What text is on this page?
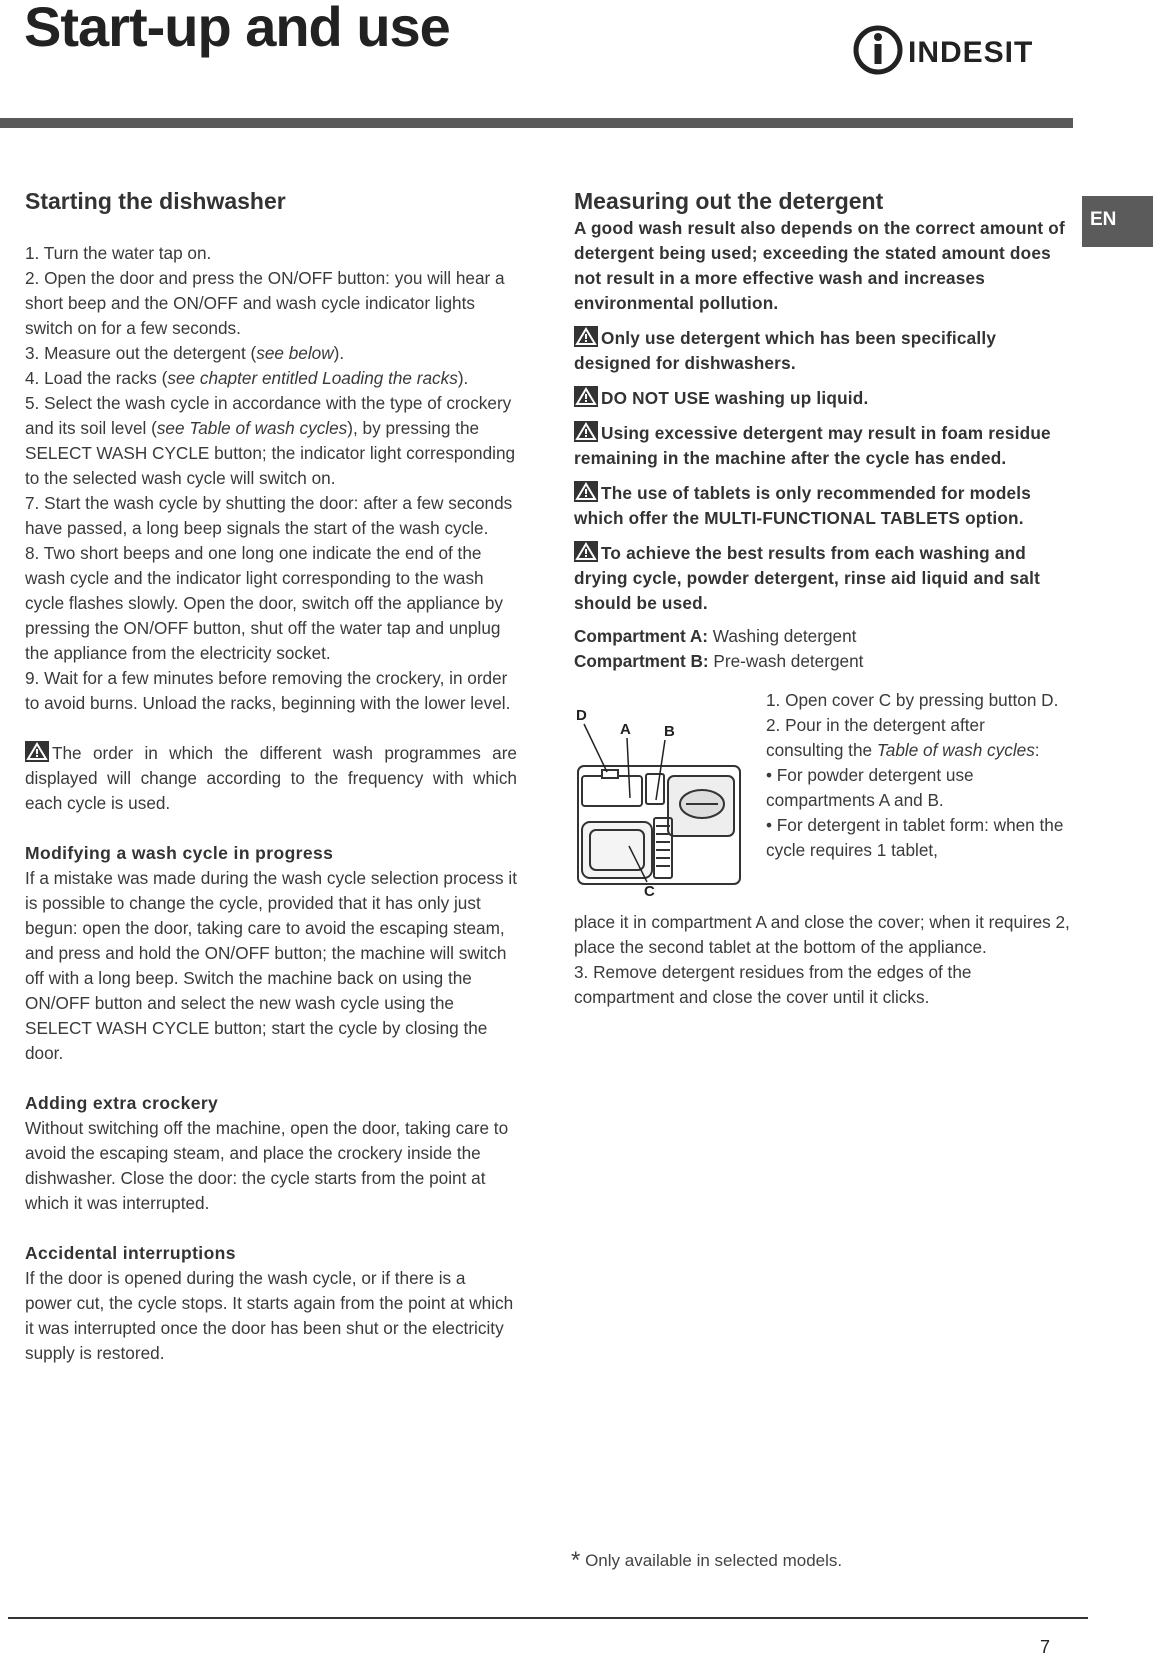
Start-up and use	INDESIT
EN
Starting the dishwasher

1. Turn the water tap on.

2. Open the door and press the ON/OFF button: you will hear a short beep and the ON/OFF and wash cycle indicator lights switch on for a few seconds.

3. Measure out the detergent (see below).

4. Load the racks (see chapter entitled Loading the racks).

5. Select the wash cycle in accordance with the type of crockery and its soil level (see Table of wash cycles), by pressing the SELECT WASH CYCLE button; the indicator light corresponding to the selected wash cycle will switch on.

7. Start the wash cycle by shutting the door: after a few seconds have passed, a long beep signals the start of the wash cycle.

8. Two short beeps and one long one indicate the end of the wash cycle and the indicator light corresponding to the wash cycle flashes slowly. Open the door, switch off the appliance by pressing the ON/OFF button, shut off the water tap and unplug the appliance from the electricity socket.

9. Wait for a few minutes before removing the crockery, in order to avoid burns. Unload the racks, beginning with the lower level.

The order in which the different wash programmes are displayed will change according to the frequency with which each cycle is used.

Modifying a wash cycle in progress

If a mistake was made during the wash cycle selection process it is possible to change the cycle, provided that it has only just begun: open the door, taking care to avoid the escaping steam, and press and hold the ON/OFF button; the machine will switch off with a long beep. Switch the machine back on using the ON/OFF button and select the new wash cycle using the SELECT WASH CYCLE button; start the cycle by closing the door.

Adding extra crockery

Without switching off the machine, open the door, taking care to avoid the escaping steam, and place the crockery inside the dishwasher. Close the door: the cycle starts from the point at which it was interrupted.

Accidental interruptions

If the door is opened during the wash cycle, or if there is a power cut, the cycle stops. It starts again from the point at which it was interrupted once the door has been shut or the electricity supply is restored.

Measuring out the detergent

A good wash result also depends on the correct amount of detergent being used; exceeding the stated amount does not result in a more effective wash and increases environmental pollution.

Only use detergent which has been specifically designed for dishwashers.

DO NOT USE washing up liquid.

Using excessive detergent may result in foam residue remaining in the machine after the cycle has ended.

The use of tablets is only recommended for models which offer the MULTI-FUNCTIONAL TABLETS option.

To achieve the best results from each washing and drying cycle, powder detergent, rinse aid liquid and salt should be used.

Compartment A: Washing detergent

Compartment B: Pre-wash detergent

D
A B
C

1. Open cover C by pressing button D.

2. Pour in the detergent after consulting the Table of wash cycles:

• For powder detergent use compartments A and B.

• For detergent in tablet form: when the cycle requires 1 tablet,

place it in compartment A and close the cover; when it requires 2, place the second tablet at the bottom of the appliance.

3. Remove detergent residues from the edges of the compartment and close the cover until it clicks.

* Only available in selected models.
7
